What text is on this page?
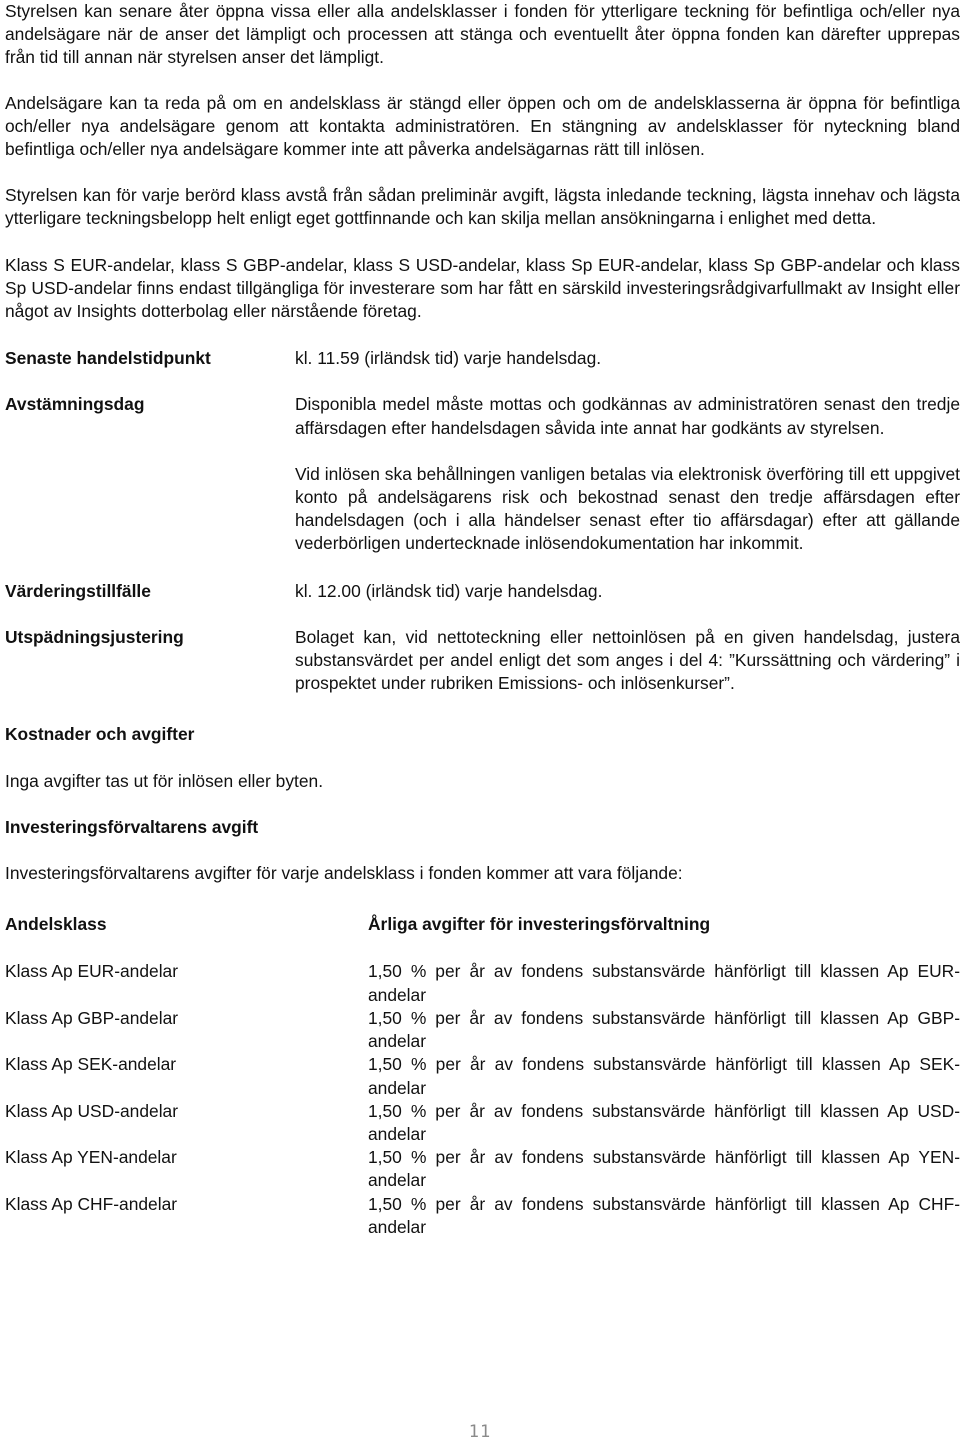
Styrelsen kan senare åter öppna vissa eller alla andelsklasser i fonden för ytterligare teckning för befintliga och/eller nya andelsägare när de anser det lämpligt och processen att stänga och eventuellt åter öppna fonden kan därefter upprepas från tid till annan när styrelsen anser det lämpligt.

Andelsägare kan ta reda på om en andelsklass är stängd eller öppen och om de andelsklasserna är öppna för befintliga och/eller nya andelsägare genom att kontakta administratören. En stängning av andelsklasser för nyteckning bland befintliga och/eller nya andelsägare kommer inte att påverka andelsägarnas rätt till inlösen.

Styrelsen kan för varje berörd klass avstå från sådan preliminär avgift, lägsta inledande teckning, lägsta innehav och lägsta ytterligare teckningsbelopp helt enligt eget gottfinnande och kan skilja mellan ansökningarna i enlighet med detta.

Klass S EUR-andelar, klass S GBP-andelar, klass S USD-andelar, klass Sp EUR-andelar, klass Sp GBP-andelar och klass Sp USD-andelar finns endast tillgängliga för investerare som har fått en särskild investeringsrådgivarfullmakt av Insight eller något av Insights dotterbolag eller närstående företag.

Senaste handelstidpunkt	kl. 11.59 (irländsk tid) varje handelsdag.
Avstämningsdag	Disponibla medel måste mottas och godkännas av administratören senast den tredje affärsdagen efter handelsdagen såvida inte annat har godkänts av styrelsen.

Vid inlösen ska behållningen vanligen betalas via elektronisk överföring till ett uppgivet konto på andelsägarens risk och bekostnad senast den tredje affärsdagen efter handelsdagen (och i alla händelser senast efter tio affärsdagar) efter att gällande vederbörligen undertecknade inlösendokumentation har inkommit.

Värderingstillfälle	kl. 12.00 (irländsk tid) varje handelsdag.
Utspädningsjustering	Bolaget kan, vid nettoteckning eller nettoinlösen på en given handelsdag, justera substansvärdet per andel enligt det som anges i del 4: ”Kurssättning och värdering” i prospektet under rubriken Emissions- och inlösenkurser”.

Kostnader och avgifter

Inga avgifter tas ut för inlösen eller byten.

Investeringsförvaltarens avgift

Investeringsförvaltarens avgifter för varje andelsklass i fonden kommer att vara följande:

Andelsklass	Årliga avgifter för investeringsförvaltning
Klass Ap EUR-andelar	1,50 % per år av fondens substansvärde hänförligt till klassen Ap EUR-andelar
Klass Ap GBP-andelar	1,50 % per år av fondens substansvärde hänförligt till klassen Ap GBP-andelar
Klass Ap SEK-andelar	1,50 % per år av fondens substansvärde hänförligt till klassen Ap SEK-andelar
Klass Ap USD-andelar	1,50 % per år av fondens substansvärde hänförligt till klassen Ap USD-andelar
Klass Ap YEN-andelar	1,50 % per år av fondens substansvärde hänförligt till klassen Ap YEN-andelar
Klass Ap CHF-andelar	1,50 % per år av fondens substansvärde hänförligt till klassen Ap CHF-andelar
11
